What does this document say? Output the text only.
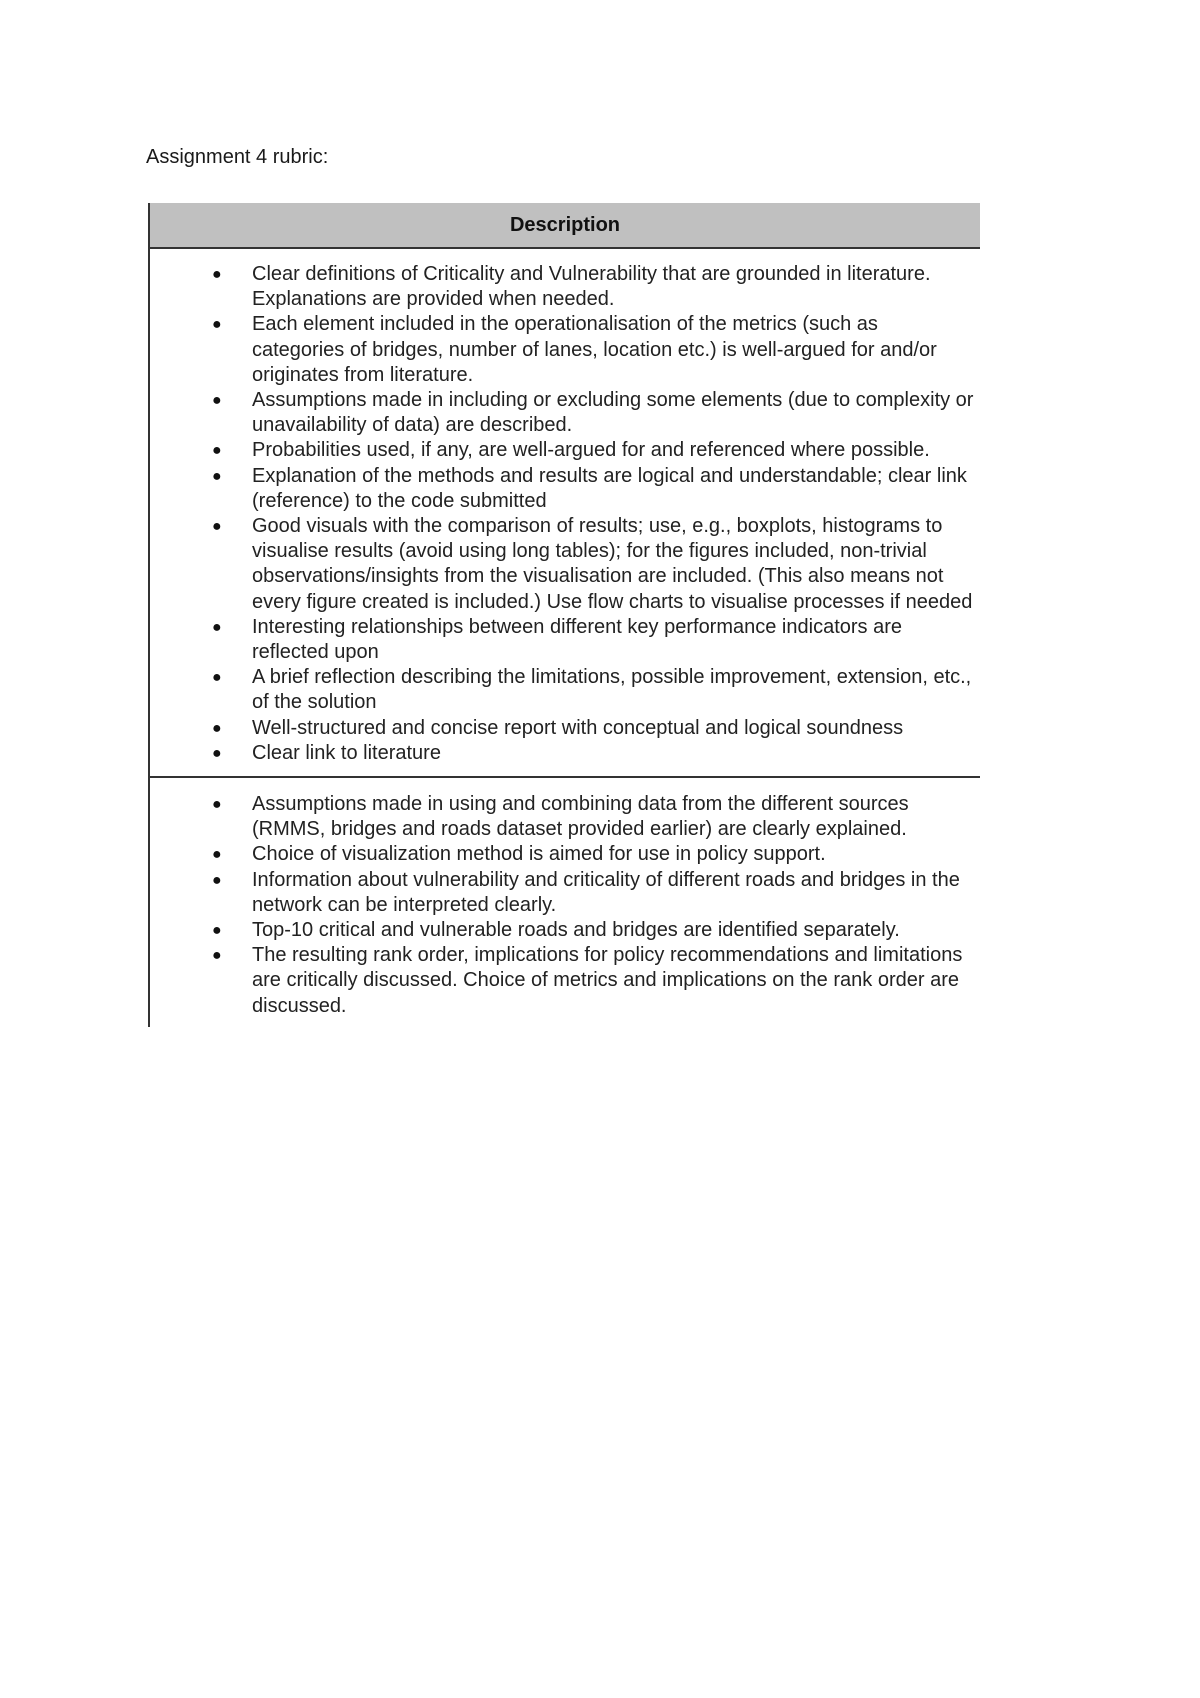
Assignment 4 rubric:
Description
● Clear definitions of Criticality and Vulnerability that are grounded in literature. Explanations are provided when needed.
● Each element included in the operationalisation of the metrics (such as categories of bridges, number of lanes, location etc.) is well-argued for and/or originates from literature.
● Assumptions made in including or excluding some elements (due to complexity or unavailability of data) are described.
● Probabilities used, if any, are well-argued for and referenced where possible.
● Explanation of the methods and results are logical and understandable; clear link (reference) to the code submitted
● Good visuals with the comparison of results; use, e.g., boxplots, histograms to visualise results (avoid using long tables); for the figures included, non-trivial observations/insights from the visualisation are included. (This also means not every figure created is included.) Use flow charts to visualise processes if needed
● Interesting relationships between different key performance indicators are reflected upon
● A brief reflection describing the limitations, possible improvement, extension, etc., of the solution
● Well-structured and concise report with conceptual and logical soundness
● Clear link to literature
● Assumptions made in using and combining data from the different sources (RMMS, bridges and roads dataset provided earlier) are clearly explained.
● Choice of visualization method is aimed for use in policy support.
● Information about vulnerability and criticality of different roads and bridges in the network can be interpreted clearly.
● Top-10 critical and vulnerable roads and bridges are identified separately.
● The resulting rank order, implications for policy recommendations and limitations are critically discussed. Choice of metrics and implications on the rank order are discussed.
